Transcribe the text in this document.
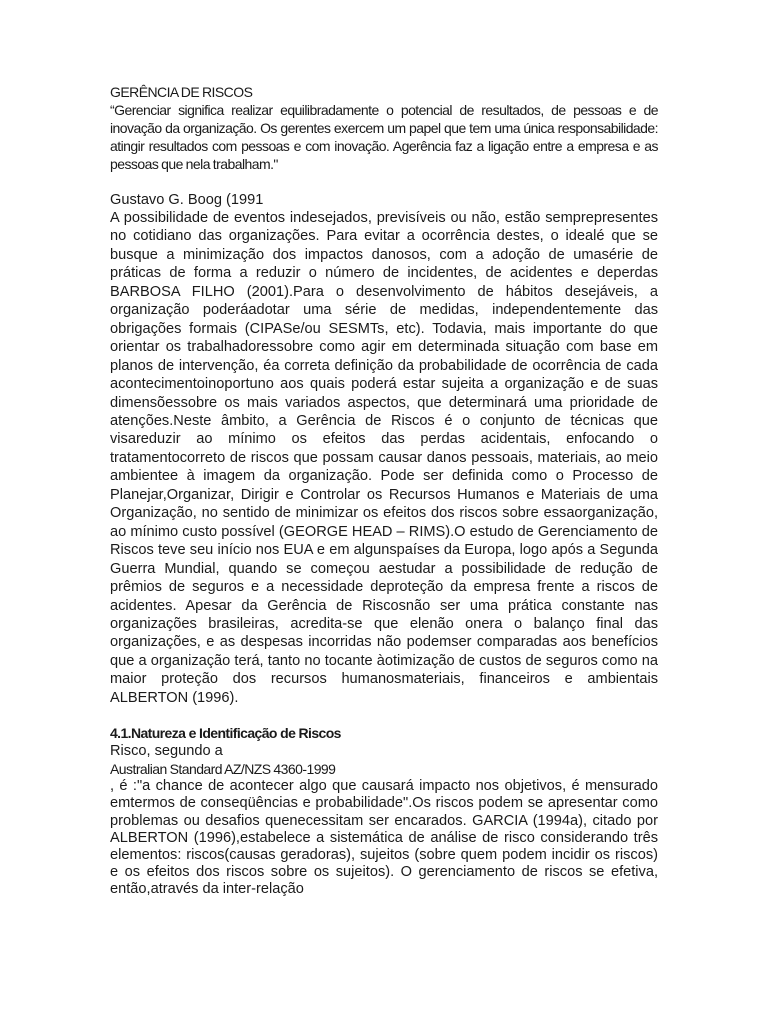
GERÊNCIA DE RISCOS

“Gerenciar significa realizar equilibradamente o potencial de resultados, de pessoas e de inovação da organização. Os gerentes exercem um papel que tem uma única responsabilidade: atingir resultados com pessoas e com inovação. Agerência faz a ligação entre a empresa e as pessoas que nela trabalham."

Gustavo G. Boog (1991

A possibilidade de eventos indesejados, previsíveis ou não, estão semprepresentes no cotidiano das organizações. Para evitar a ocorrência destes, o idealé que se busque a minimização dos impactos danosos, com a adoção de umasérie de práticas de forma a reduzir o número de incidentes, de acidentes e deperdas BARBOSA FILHO (2001).Para o desenvolvimento de hábitos desejáveis, a organização poderáadotar uma série de medidas, independentemente das obrigações formais (CIPASe/ou SESMTs, etc). Todavia, mais importante do que orientar os trabalhadoressobre como agir em determinada situação com base em planos de intervenção, éa correta definição da probabilidade de ocorrência de cada acontecimentoinoportuno aos quais poderá estar sujeita a organização e de suas dimensõessobre os mais variados aspectos, que determinará uma prioridade de atenções.Neste âmbito, a Gerência de Riscos é o conjunto de técnicas que visareduzir ao mínimo os efeitos das perdas acidentais, enfocando o tratamentocorreto de riscos que possam causar danos pessoais, materiais, ao meio ambientee à imagem da organização. Pode ser definida como o Processo de Planejar,Organizar, Dirigir e Controlar os Recursos Humanos e Materiais de uma Organização, no sentido de minimizar os efeitos dos riscos sobre essaorganização, ao mínimo custo possível (GEORGE HEAD – RIMS).O estudo de Gerenciamento de Riscos teve seu início nos EUA e em algunspaíses da Europa, logo após a Segunda Guerra Mundial, quando se começou aestudar a possibilidade de redução de prêmios de seguros e a necessidade deproteção da empresa frente a riscos de acidentes. Apesar da Gerência de Riscosnão ser uma prática constante nas organizações brasileiras, acredita-se que elenão onera o balanço final das organizações, e as despesas incorridas não podemser comparadas aos benefícios que a organização terá, tanto no tocante àotimização de custos de seguros como na maior proteção dos recursos humanosmateriais, financeiros e ambientais ALBERTON (1996).

4.1.Natureza e Identificação de Riscos

Risco, segundo a

Australian Standard AZ/NZS 4360-1999

, é :"a chance de acontecer algo que causará impacto nos objetivos, é mensurado emtermos de conseqüências e probabilidade".Os riscos podem se apresentar como problemas ou desafios quenecessitam ser encarados. GARCIA (1994a), citado por ALBERTON (1996),estabelece a sistemática de análise de risco considerando três elementos: riscos(causas geradoras), sujeitos (sobre quem podem incidir os riscos) e os efeitos dos riscos sobre os sujeitos). O gerenciamento de riscos se efetiva, então,através da inter-relação
